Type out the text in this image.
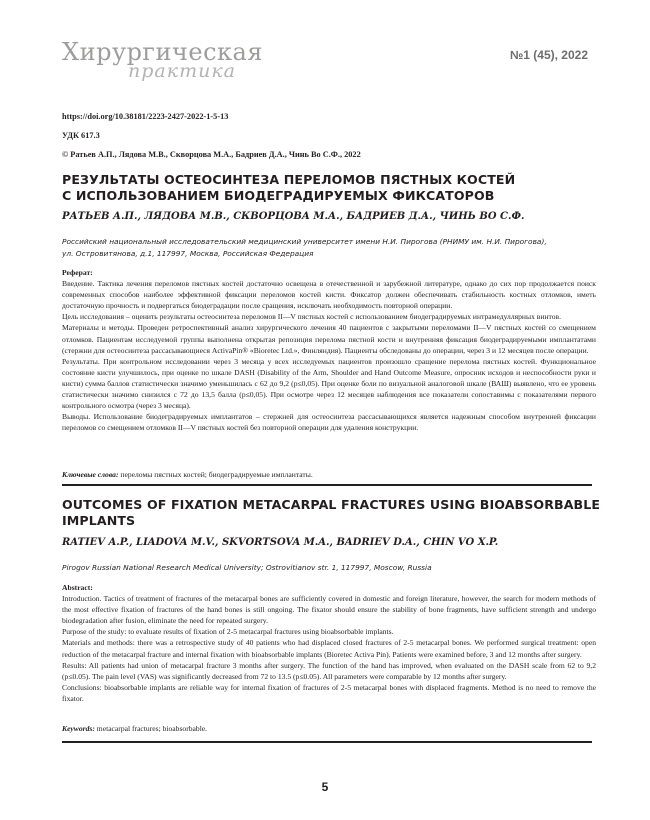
Хирургическая
практика
№1 (45), 2022
https://doi.org/10.38181/2223-2427-2022-1-5-13
УДК 617.3
© Ратьев А.П., Лядова М.В., Скворцова М.А., Бадриев Д.А., Чинь Во С.Ф., 2022
РЕЗУЛЬТАТЫ ОСТЕОСИНТЕЗА ПЕРЕЛОМОВ ПЯСТНЫХ КОСТЕЙ
С ИСПОЛЬЗОВАНИЕМ БИОДЕГРАДИРУЕМЫХ ФИКСАТОРОВ
РАТЬЕВ А.П., ЛЯДОВА М.В., СКВОРЦОВА М.А., БАДРИЕВ Д.А., ЧИНЬ ВО С.Ф.
Российский национальный исследовательский медицинский университет имени Н.И. Пирогова (РНИМУ им. Н.И. Пирогова),
ул. Островитянова, д.1, 117997, Москва, Российская Федерация
Реферат:

Введение. Тактика лечения переломов пястных костей достаточно освещена в отечественной и зарубежной литературе, однако до сих пор продолжается поиск современных способов наиболее эффективной фиксации переломов костей кисти. Фиксатор должен обеспечивать стабильность костных отломков, иметь достаточную прочность и подвергаться биодеградации после сращения, исключать необходимость повторной операции.

Цель исследования – оценить результаты остеосинтеза переломов II—V пястных костей с использованием биодеградируемых интрамедуллярных винтов.

Материалы и методы. Проведен ретроспективный анализ хирургического лечения 40 пациентов с закрытыми переломами II—V пястных костей со смещением отломков. Пациентам исследуемой группы выполнена открытая репозиция перелома пястной кости и внутренняя фиксация биодеградируемыми имплантатами (стержни для остеосинтеза рассасывающиеся ActivaPin® «Bioretec Ltd.», Финляндия). Пациенты обследованы до операции, через 3 и 12 месяцев после операции.

Результаты. При контрольном исследовании через 3 месяца у всех исследуемых пациентов произошло сращение перелома пястных костей. Функциональное состояние кисти улучшилось, при оценке по шкале DASH (Disability of the Arm, Shoulder and Hand Outcome Measure, опросник исходов и неспособности руки и кисти) сумма баллов статистически значимо уменьшилась с 62 до 9,2 (p≤0,05). При оценке боли по визуальной аналоговой шкале (ВАШ) выявлено, что ее уровень статистически значимо снизился с 72 до 13,5 балла (p≤0,05). При осмотре через 12 месяцев наблюдения все показатели сопоставимы с показателями первого контрольного осмотра (через 3 месяца).

Выводы. Использование биодеградируемых имплантатов – стержней для остеосинтеза рассасывающихся является надежным способом внутренней фиксации переломов со смещением отломков II—V пястных костей без повторной операции для удаления конструкции.

Ключевые слова: переломы пястных костей; биодеградируемые имплантаты.
OUTCOMES OF FIXATION METACARPAL FRACTURES USING BIOABSORBABLE
IMPLANTS
RATIEV A.P., LIADOVA M.V., SKVORTSOVA M.A., BADRIEV D.A., CHIN VO X.P.
Pirogov Russian National Research Medical University; Ostrovitianov str. 1, 117997, Moscow, Russia
Abstract:

Introduction. Tactics of treatment of fractures of the metacarpal bones are sufficiently covered in domestic and foreign literature, however, the search for modern methods of the most effective fixation of fractures of the hand bones is still ongoing. The fixator should ensure the stability of bone fragments, have sufficient strength and undergo biodegradation after fusion, eliminate the need for repeated surgery.

Purpose of the study: to evaluate results of fixation of 2-5 metacarpal fractures using bioabsorbable implants.

Materials and methods: there was a retrospective study of 40 patients who had displaced closed fractures of 2-5 metacarpal bones. We performed surgical treatment: open reduction of the metacarpal fracture and internal fixation with bioabsorbable implants (Bioretec Activa Pin). Patients were examined before, 3 and 12 months after surgery.

Results: All patients had union of metacarpal fracture 3 months after surgery. The function of the hand has improved, when evaluated on the DASH scale from 62 to 9,2 (p≤0.05). The pain level (VAS) was significantly decreased from 72 to 13.5 (p≤0.05). All parameters were comparable by 12 months after surgery.

Conclusions: bioabsorbable implants are reliable way for internal fixation of fractures of 2-5 metacarpal bones with displaced fragments. Method is no need to remove the fixator.

Keywords: metacarpal fractures; bioabsorbable.
5
